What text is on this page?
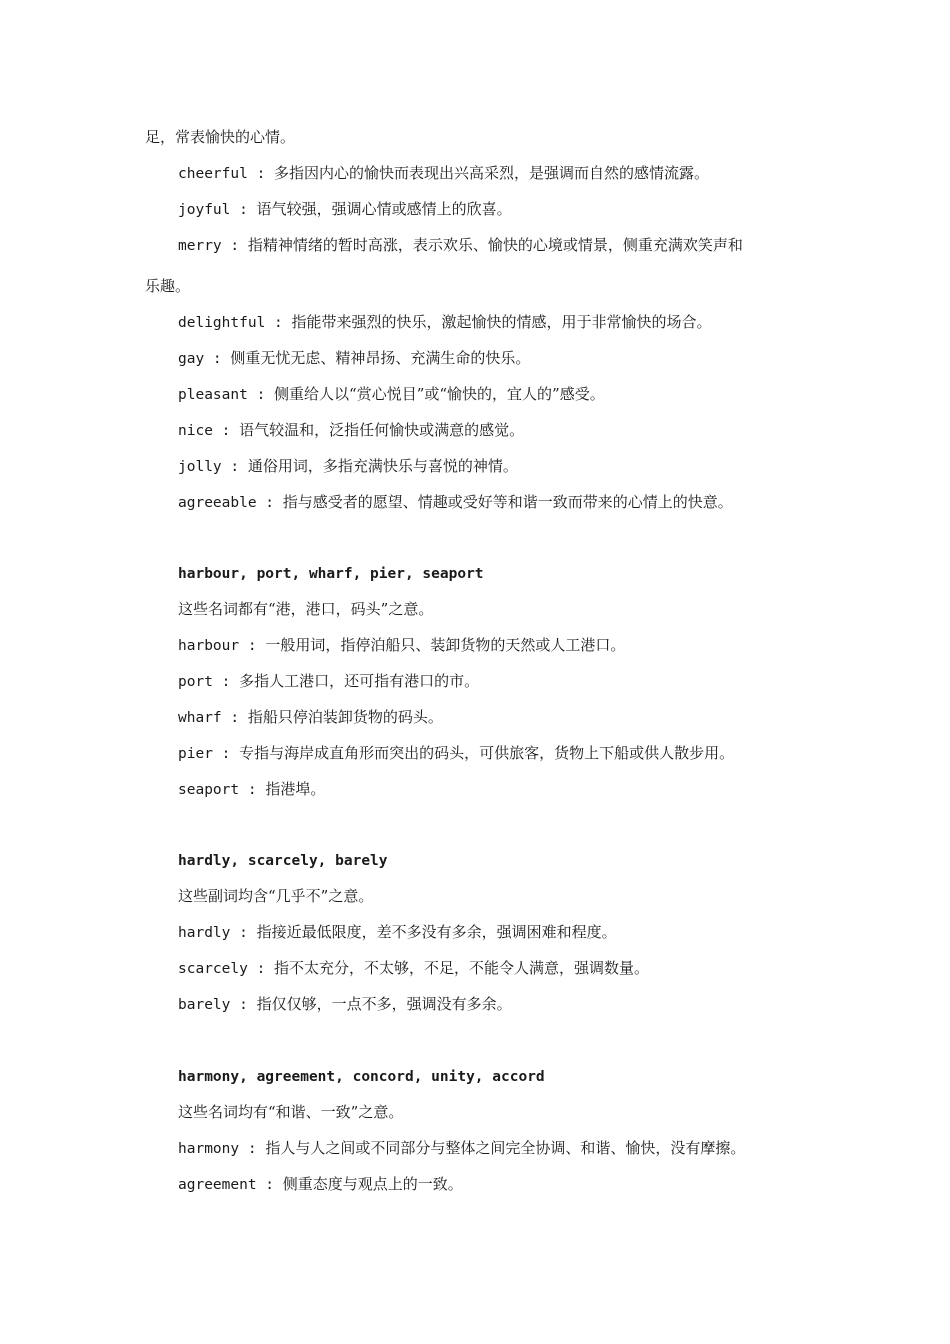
足，常表愉快的心情。
cheerful : 多指因内心的愉快而表现出兴高采烈，是强调而自然的感情流露。
joyful : 语气较强，强调心情或感情上的欣喜。
merry : 指精神情绪的暂时高涨，表示欢乐、愉快的心境或情景，侧重充满欢笑声和
乐趣。
delightful : 指能带来强烈的快乐，激起愉快的情感，用于非常愉快的场合。
gay : 侧重无忧无虑、精神昂扬、充满生命的快乐。
pleasant : 侧重给人以“赏心悦目”或“愉快的，宜人的”感受。
nice : 语气较温和，泛指任何愉快或满意的感觉。
jolly : 通俗用词，多指充满快乐与喜悦的神情。
agreeable : 指与感受者的愿望、情趣或受好等和谐一致而带来的心情上的快意。
harbour, port, wharf, pier, seaport
这些名词都有“港，港口，码头”之意。
harbour : 一般用词，指停泊船只、装卸货物的天然或人工港口。
port : 多指人工港口，还可指有港口的市。
wharf : 指船只停泊装卸货物的码头。
pier : 专指与海岸成直角形而突出的码头，可供旅客，货物上下船或供人散步用。
seaport : 指港埠。
hardly, scarcely, barely
这些副词均含“几乎不”之意。
hardly : 指接近最低限度，差不多没有多余，强调困难和程度。
scarcely : 指不太充分，不太够，不足，不能令人满意，强调数量。
barely : 指仅仅够，一点不多，强调没有多余。
harmony, agreement, concord, unity, accord
这些名词均有“和谐、一致”之意。
harmony : 指人与人之间或不同部分与整体之间完全协调、和谐、愉快，没有摩擦。
agreement : 侧重态度与观点上的一致。
